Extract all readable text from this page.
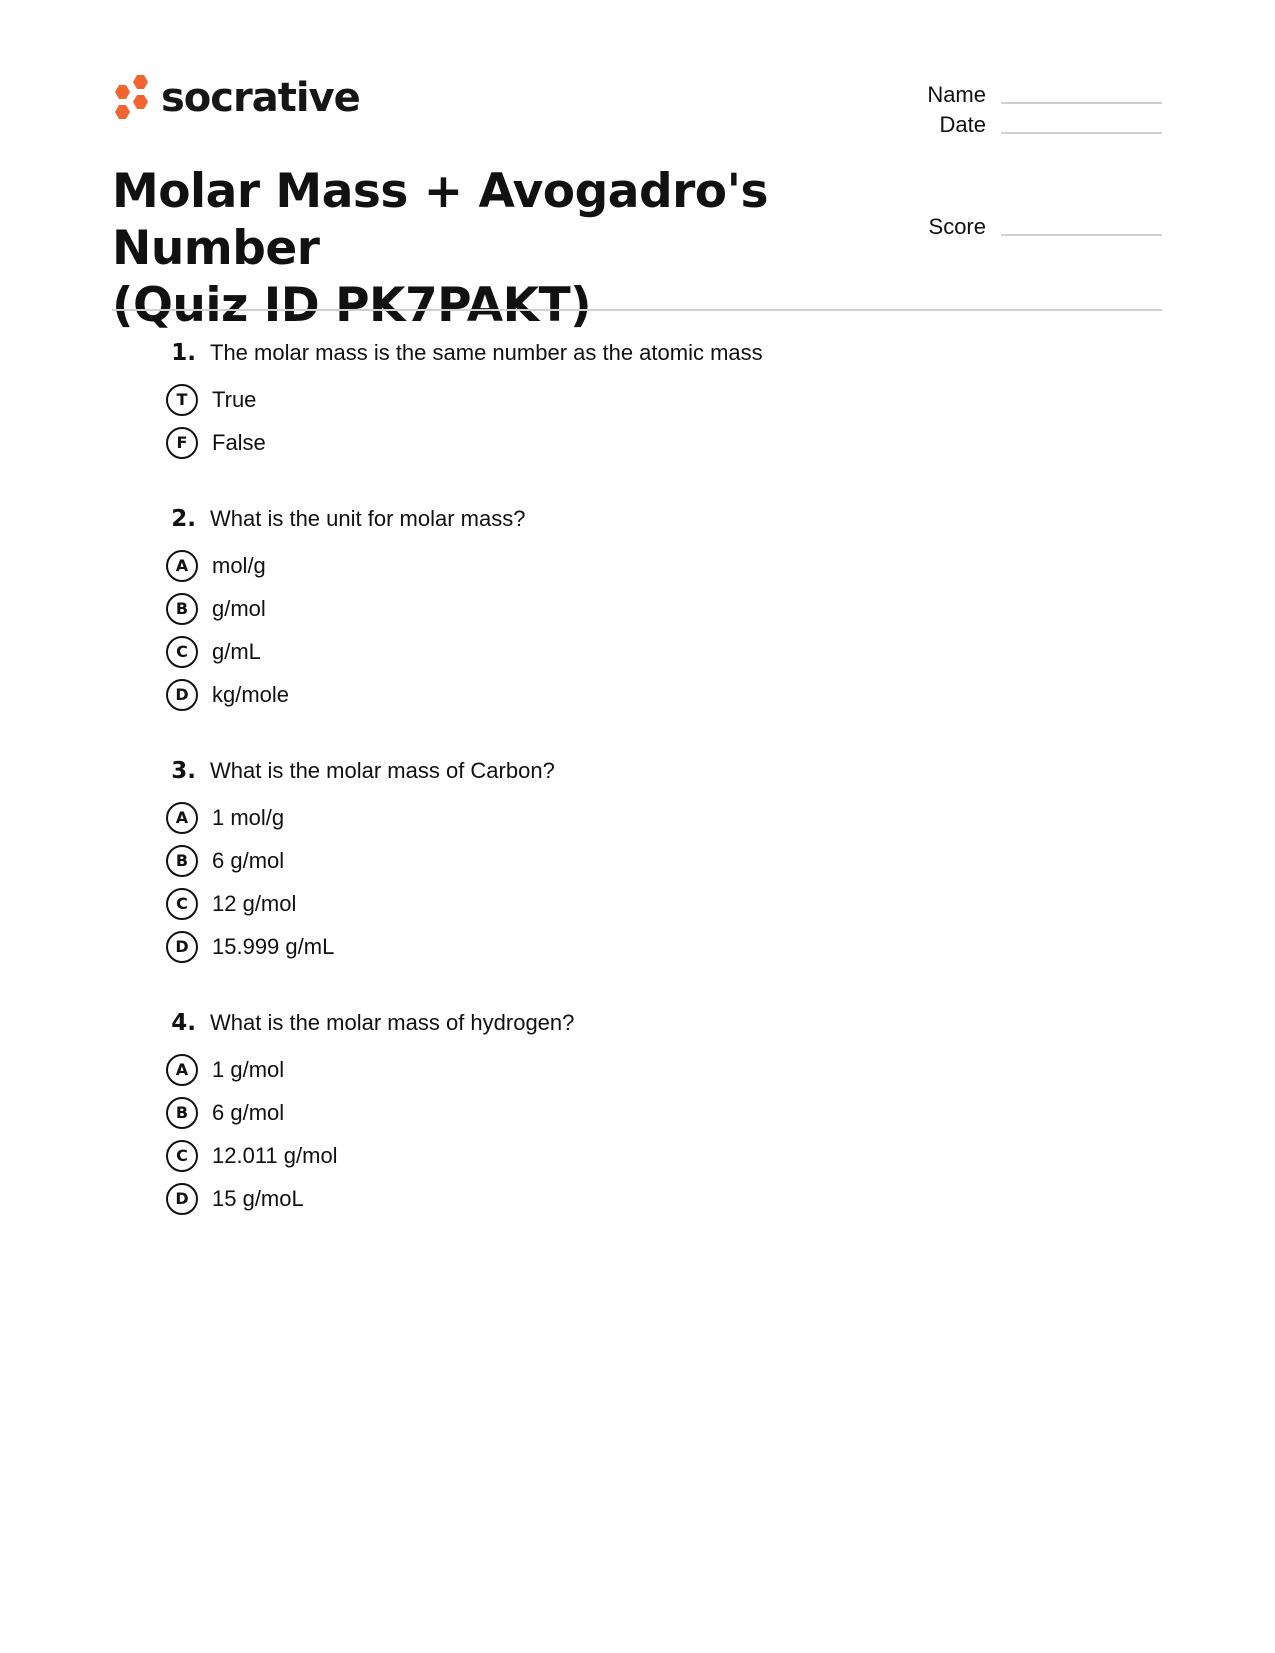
socrative	Name
Date
Score
Molar Mass + Avogadro's Number
(Quiz ID PK7PAKT)
1. The molar mass is the same number as the atomic mass
T	True
F	False
2. What is the unit for molar mass?
A	mol/g
B	g/mol
C	g/mL
D	kg/mole
3. What is the molar mass of Carbon?
A	1 mol/g
B	6 g/mol
C	12 g/mol
D	15.999 g/mL
4. What is the molar mass of hydrogen?
A	1 g/mol
B	6 g/mol
C	12.011 g/mol
D	15 g/moL
